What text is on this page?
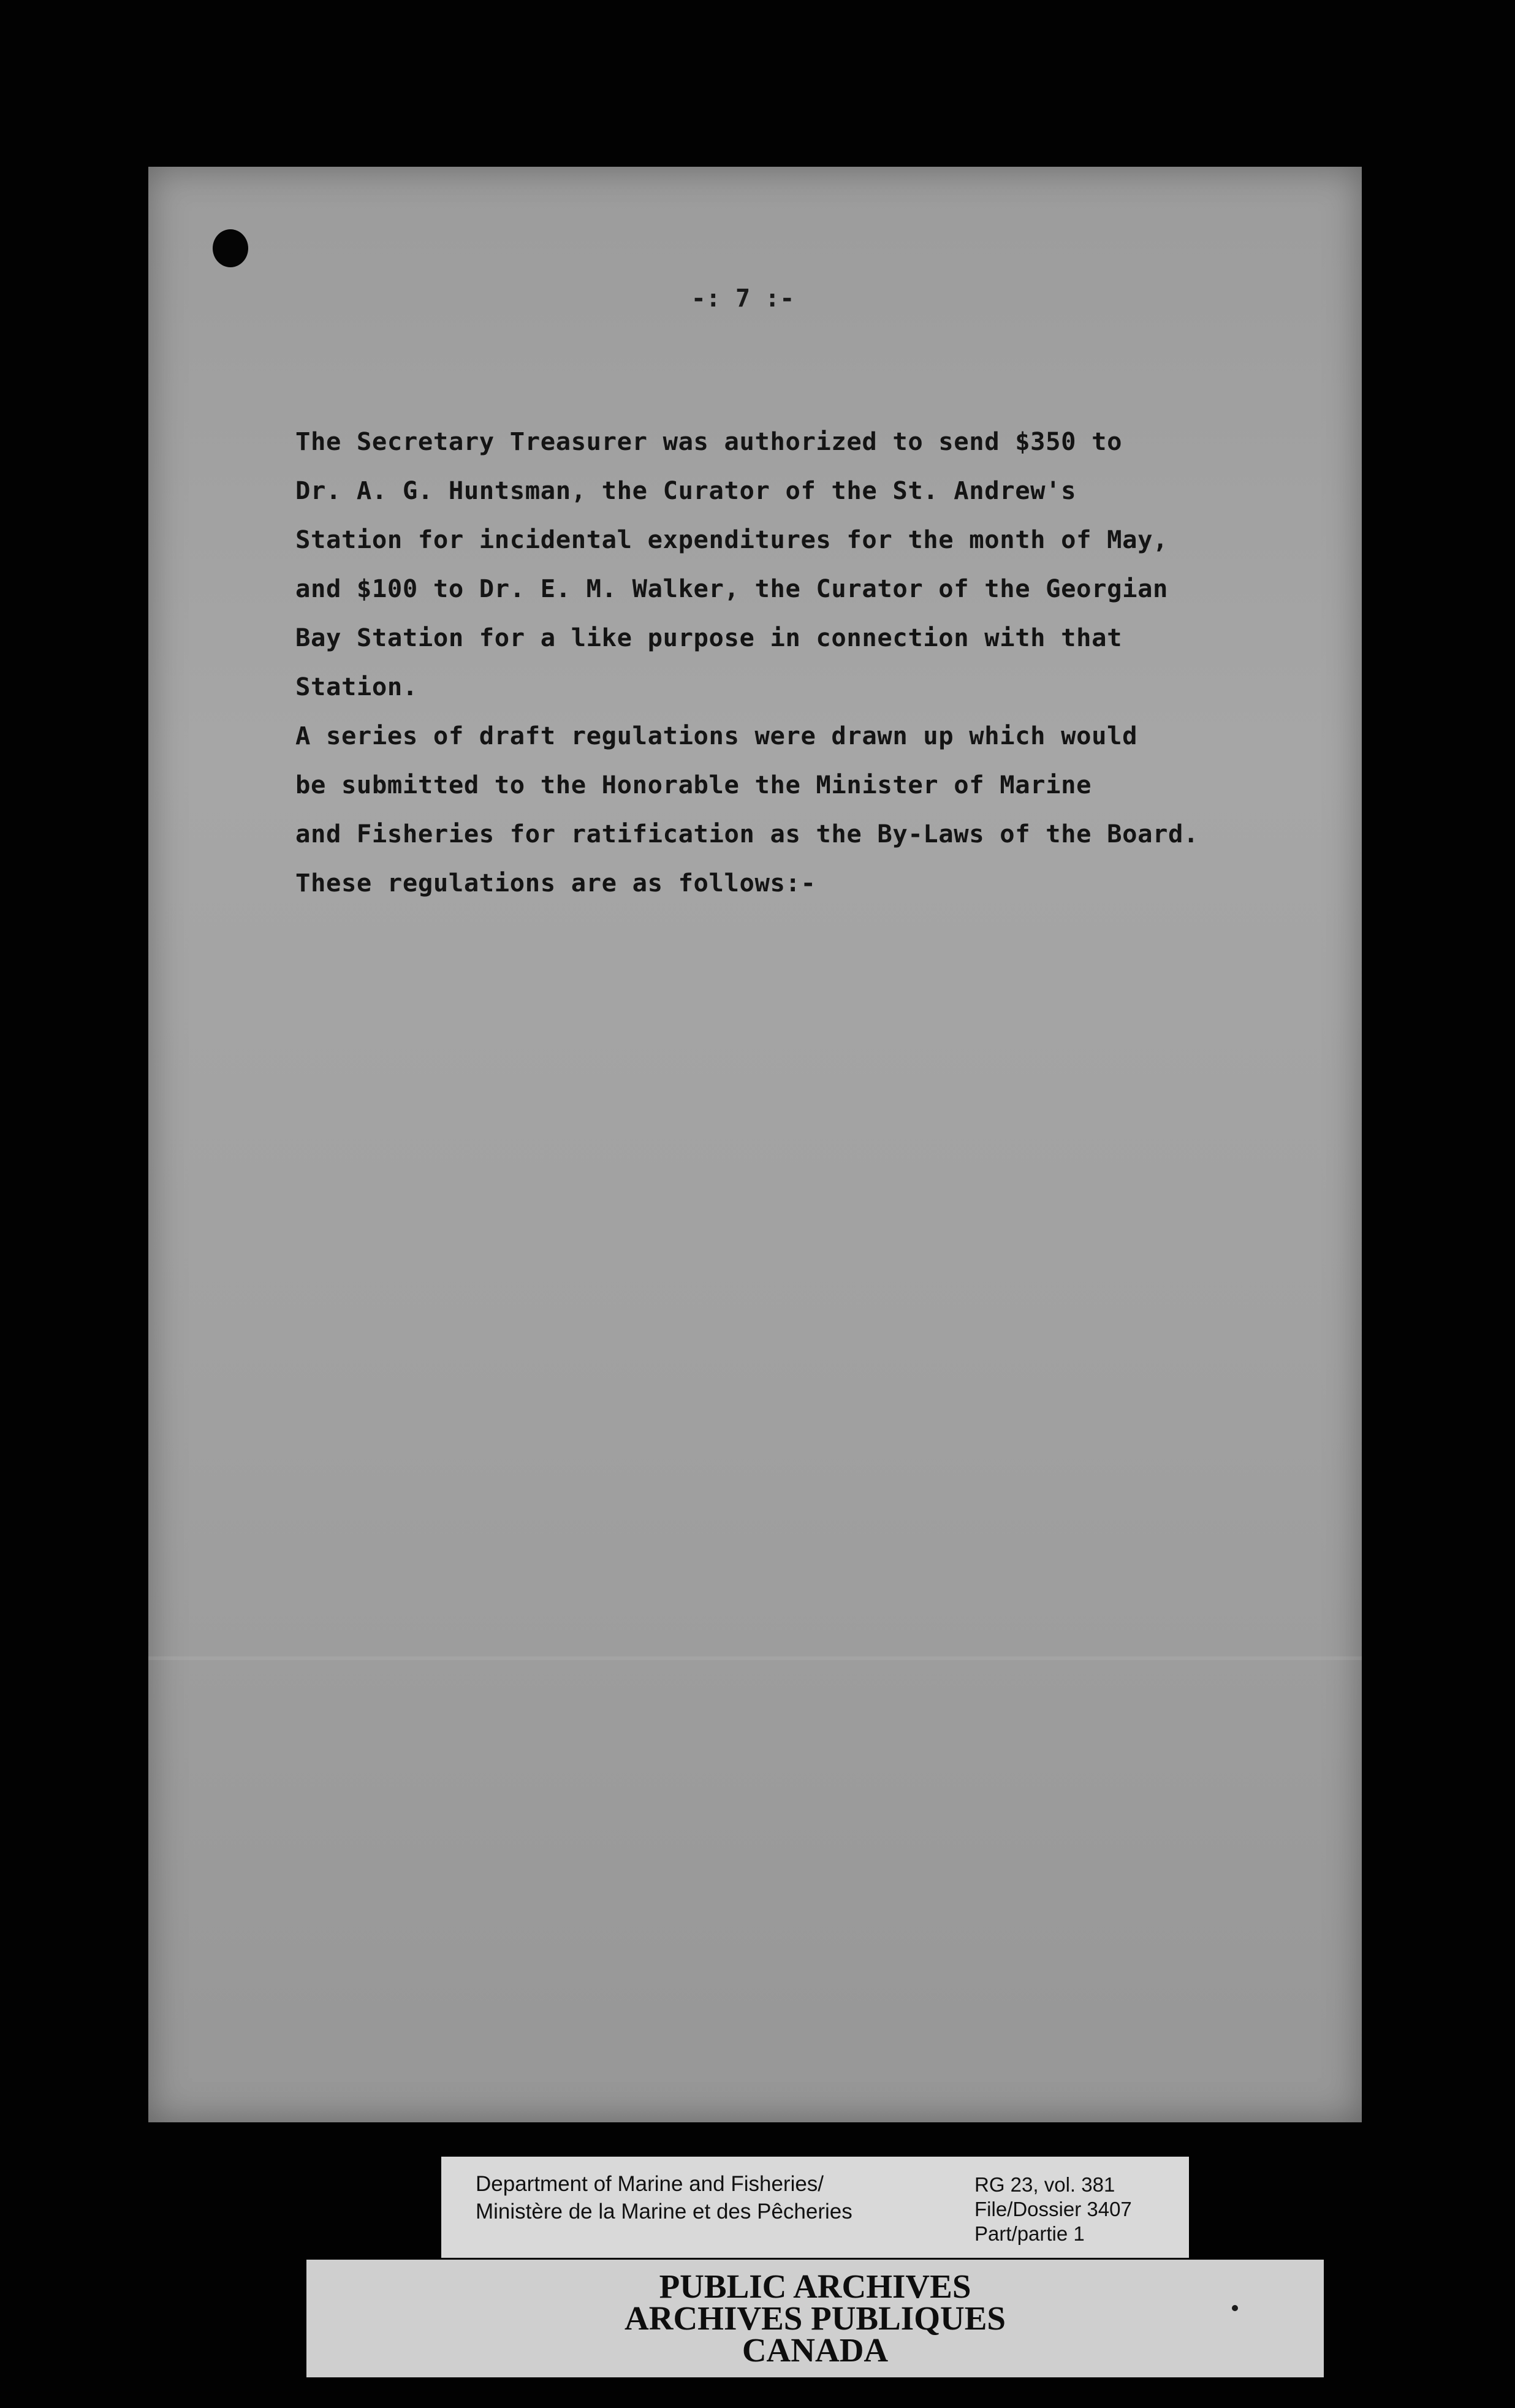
-: 7 :-
The Secretary Treasurer was authorized to send $350 to
Dr. A. G. Huntsman, the Curator of the St. Andrew's
Station for incidental expenditures for the month of May,
and $100 to Dr. E. M. Walker, the Curator of the Georgian
Bay Station for a like purpose in connection with that
Station.
A series of draft regulations were drawn up which would
be submitted to the Honorable the Minister of Marine
and Fisheries for ratification as the By-Laws of the Board.
These regulations are as follows:-
Department of Marine and Fisheries/
Ministère de la Marine et des Pêcheries
RG 23, vol. 381
File/Dossier 3407
Part/partie 1
PUBLIC ARCHIVES
ARCHIVES PUBLIQUES
CANADA
